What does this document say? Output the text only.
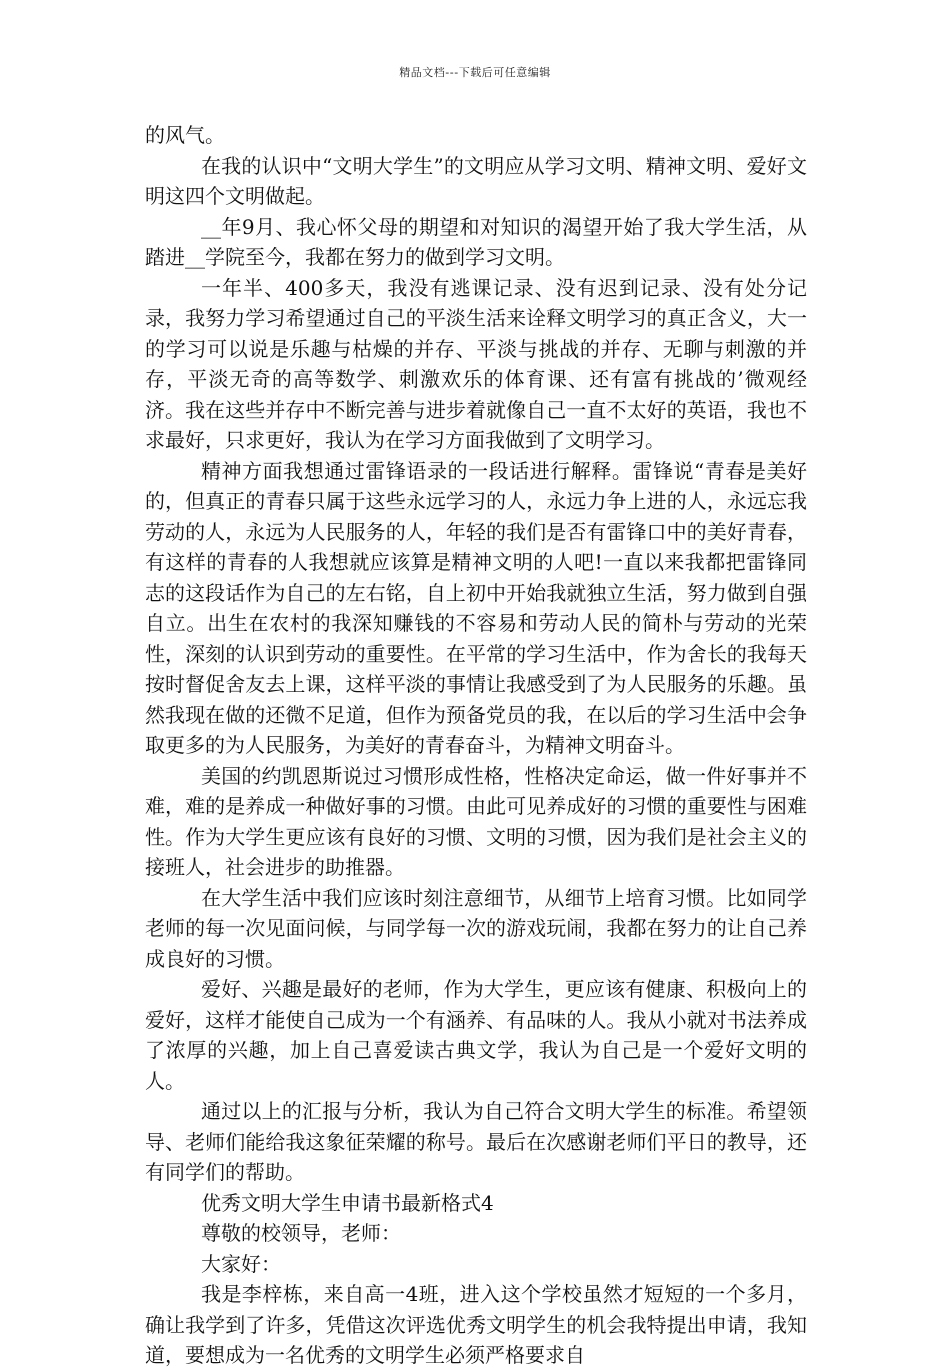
精品文档---下载后可任意编辑

的风气。

在我的认识中“文明大学生”的文明应从学习文明、精神文明、爱好文明这四个文明做起。

__年9月、我心怀父母的期望和对知识的渴望开始了我大学生活，从踏进__学院至今，我都在努力的做到学习文明。

一年半、400多天，我没有逃课记录、没有迟到记录、没有处分记录，我努力学习希望通过自己的平淡生活来诠释文明学习的真正含义，大一的学习可以说是乐趣与枯燥的并存、平淡与挑战的并存、无聊与刺激的并存，平淡无奇的高等数学、刺激欢乐的体育课、还有富有挑战的’微观经济。我在这些并存中不断完善与进步着就像自己一直不太好的英语，我也不求最好，只求更好，我认为在学习方面我做到了文明学习。

精神方面我想通过雷锋语录的一段话进行解释。雷锋说“青春是美好的，但真正的青春只属于这些永远学习的人，永远力争上进的人，永远忘我劳动的人，永远为人民服务的人，年轻的我们是否有雷锋口中的美好青春，有这样的青春的人我想就应该算是精神文明的人吧!一直以来我都把雷锋同志的这段话作为自己的左右铭，自上初中开始我就独立生活，努力做到自强自立。出生在农村的我深知赚钱的不容易和劳动人民的简朴与劳动的光荣性，深刻的认识到劳动的重要性。在平常的学习生活中，作为舍长的我每天按时督促舍友去上课，这样平淡的事情让我感受到了为人民服务的乐趣。虽然我现在做的还微不足道，但作为预备党员的我，在以后的学习生活中会争取更多的为人民服务，为美好的青春奋斗，为精神文明奋斗。

美国的约凯恩斯说过习惯形成性格，性格决定命运，做一件好事并不难，难的是养成一种做好事的习惯。由此可见养成好的习惯的重要性与困难性。作为大学生更应该有良好的习惯、文明的习惯，因为我们是社会主义的接班人，社会进步的助推器。

在大学生活中我们应该时刻注意细节，从细节上培育习惯。比如同学老师的每一次见面问候，与同学每一次的游戏玩闹，我都在努力的让自己养成良好的习惯。

爱好、兴趣是最好的老师，作为大学生，更应该有健康、积极向上的爱好，这样才能使自己成为一个有涵养、有品味的人。我从小就对书法养成了浓厚的兴趣，加上自己喜爱读古典文学，我认为自己是一个爱好文明的人。

通过以上的汇报与分析，我认为自己符合文明大学生的标准。希望领导、老师们能给我这象征荣耀的称号。最后在次感谢老师们平日的教导，还有同学们的帮助。

优秀文明大学生申请书最新格式4

尊敬的校领导，老师：

大家好：

我是李梓栋，来自高一4班，进入这个学校虽然才短短的一个多月，确让我学到了许多，凭借这次评选优秀文明学生的机会我特提出申请，我知道，要想成为一名优秀的文明学生必须严格要求自
